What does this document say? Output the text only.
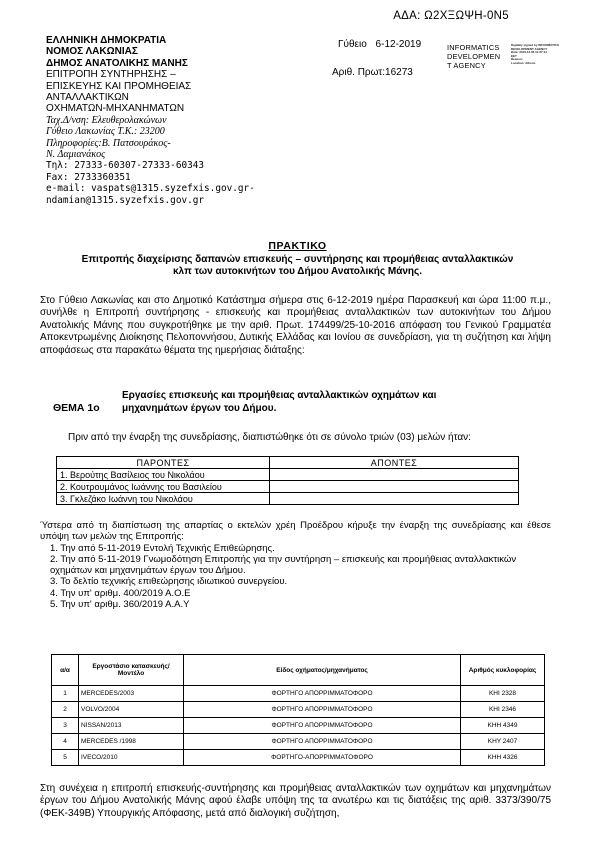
ΑΔΑ: Ω2ΧΞΩΨΗ-0Ν5
ΕΛΛΗΝΙΚΗ ΔΗΜΟΚΡΑΤΙΑ
ΝΟΜΟΣ ΛΑΚΩΝΙΑΣ
ΔΗΜΟΣ ΑΝΑΤΟΛΙΚΗΣ ΜΑΝΗΣ
ΕΠΙΤΡΟΠΗ ΣΥΝΤΗΡΗΣΗΣ –
ΕΠΙΣΚΕΥΗΣ ΚΑΙ ΠΡΟΜΗΘΕΙΑΣ
ΑΝΤΑΛΛΑΚΤΙΚΩΝ
ΟΧΗΜΑΤΩΝ-ΜΗΧΑΝΗΜΑΤΩΝ
Ταχ.Δ/νση: Ελευθερολακώνων
Γύθειο Λακωνίας Τ.Κ.: 23200
Πληροφορίες:Β. Πατσουράκος-
Ν. Δαμιανάκος
Τηλ: 27333-60307-27333-60343
Fax: 2733360351
e-mail: vaspats@1315.syzefxis.gov.gr-
ndamian@1315.syzefxis.gov.gr
Γύθειο 6-12-2019
Αριθ. Πρωτ:16273
INFORMATICS
DEVELOPMEN
T AGENCY
Digitally signed by INFORMATICS
DEVELOPMENT AGENCY
Date: 2019.12.06 11:27:11
EET
Reason:
Location: Athens
ΠΡΑΚΤΙΚΟ
Επιτροπής διαχείρισης δαπανών επισκευής – συντήρησης και προμήθειας ανταλλακτικών
κλπ των αυτοκινήτων του Δήμου Ανατολικής Μάνης.
Στο Γύθειο Λακωνίας και στο Δημοτικό Κατάστημα σήμερα στις 6-12-2019 ημέρα Παρασκευή και ώρα 11:00 π.μ., συνήλθε η Επιτροπή συντήρησης - επισκευής και προμήθειας ανταλλακτικών των αυτοκινήτων του Δήμου Ανατολικής Μάνης που συγκροτήθηκε με την αριθ. Πρωτ. 174499/25-10-2016 απόφαση του Γενικού Γραμματέα Αποκεντρωμένης Διοίκησης Πελοποννήσου, Δυτικής Ελλάδας και Ιονίου σε συνεδρίαση, για τη συζήτηση και λήψη αποφάσεως στα παρακάτω θέματα της ημερήσιας διάταξης:
ΘΕΜΑ 1ο
Εργασίες επισκευής και προμήθειας ανταλλακτικών οχημάτων και
μηχανημάτων έργων του Δήμου.
Πριν από την έναρξη της συνεδρίασης, διαπιστώθηκε ότι σε σύνολο τριών (03) μελών ήταν:
ΠΑΡΟΝΤΕΣ	ΑΠΟΝΤΕΣ
1. Βερούτης Βασίλειος του Νικολάου	
2. Κουτρουμάνος Ιωάννης του Βασιλείου	
3. Γκλεζάκο Ιωάννη του Νικολάου	
Ύστερα από τη διαπίστωση της απαρτίας ο εκτελών χρέη Προέδρου κήρυξε την έναρξη της συνεδρίασης και έθεσε υπόψη των μελών της Επιτροπής:
1. Την από 5-11-2019 Εντολή Τεχνικής Επιθεώρησης.
2. Την από 5-11-2019 Γνωμοδότηση Επιτροπής για την συντήρηση – επισκευής και προμήθειας ανταλλακτικών οχημάτων και μηχανημάτων έργων του Δήμου.
3. Το δελτίο τεχνικής επιθεώρησης ιδιωτικού συνεργείου.
4. Την υπ' αριθμ. 400/2019 Α.Ο.Ε
5. Την υπ' αριθμ. 360/2019 Α.Α.Υ
α/α	Εργοστάσιο κατασκευής/Μοντέλο	Είδος οχήματος/μηχανήματος	Αριθμός κυκλοφορίας
1	MERCEDES/2003	ΦΟΡΤΗΓΟ ΑΠΟΡΡΙΜΜΑΤΟΦΟΡΟ	ΚΗΙ 2328
2	VOLVO/2004	ΦΟΡΤΗΓΟ ΑΠΟΡΡΙΜΜΑΤΟΦΟΡΟ	ΚΗΙ 2346
3	NISSAN/2013	ΦΟΡΤΗΓΟ ΑΠΟΡΡΙΜΜΑΤΟΦΟΡΟ	ΚΗΗ 4349
4	MERCEDES /1998	ΦΟΡΤΗΓΟ ΑΠΟΡΡΙΜΜΑΤΟΦΟΡΟ	ΚΗΥ 2407
5	IVECO/2010	ΦΟΡΤΗΓΟ-ΑΠΟΡΡΙΜΜΑΤΟΦΟΡΟ	ΚΗΗ 4326
Στη συνέχεια η επιτροπή επισκευής-συντήρησης και προμήθειας ανταλλακτικών των οχημάτων και μηχανημάτων έργων του Δήμου Ανατολικής Μάνης αφού έλαβε υπόψη της τα ανωτέρω και τις διατάξεις της αριθ. 3373/390/75 (ΦΕΚ-349Β) Υπουργικής Απόφασης, μετά από διαλογική συζήτηση,
